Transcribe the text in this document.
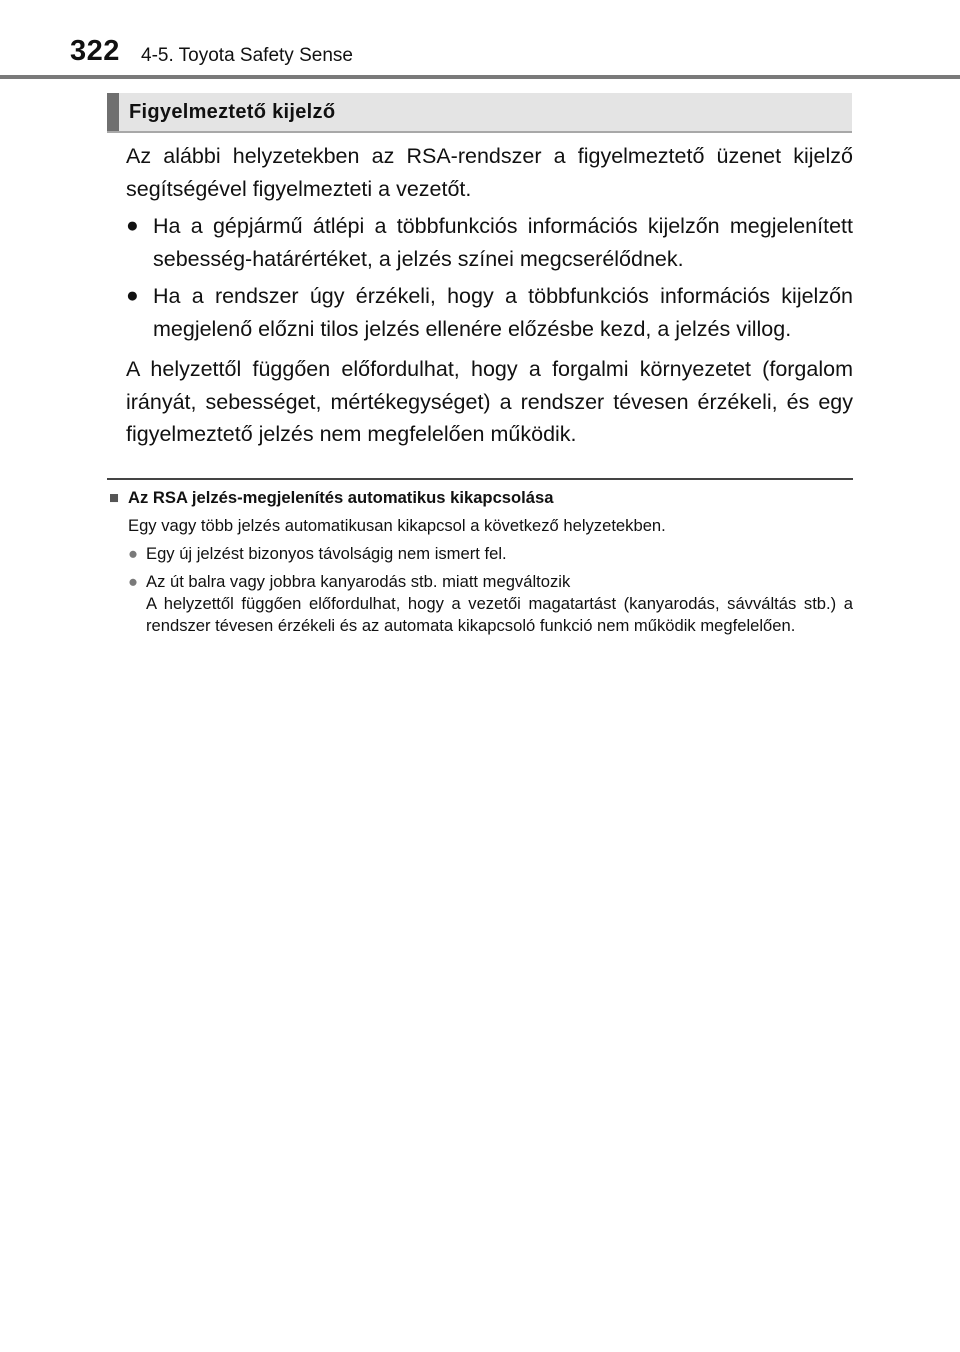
322 4-5. Toyota Safety Sense
Figyelmeztető kijelző

Az alábbi helyzetekben az RSA-rendszer a figyelmeztető üzenet kijelző segítségével figyelmezteti a vezetőt.

● Ha a gépjármű átlépi a többfunkciós információs kijelzőn megjelenített sebesség-határértéket, a jelzés színei megcserélődnek.
● Ha a rendszer úgy érzékeli, hogy a többfunkciós információs kijelzőn megjelenő előzni tilos jelzés ellenére előzésbe kezd, a jelzés villog.

A helyzettől függően előfordulhat, hogy a forgalmi környezetet (forgalom irányát, sebességet, mértékegységet) a rendszer tévesen érzékeli, és egy figyelmeztető jelzés nem megfelelően működik.

■ Az RSA jelzés-megjelenítés automatikus kikapcsolása
Egy vagy több jelzés automatikusan kikapcsol a következő helyzetekben.
● Egy új jelzést bizonyos távolságig nem ismert fel.
● Az út balra vagy jobbra kanyarodás stb. miatt megváltozik
A helyzettől függően előfordulhat, hogy a vezetői magatartást (kanyarodás, sávváltás stb.) a rendszer tévesen érzékeli és az automata kikapcsoló funkció nem működik megfelelően.
